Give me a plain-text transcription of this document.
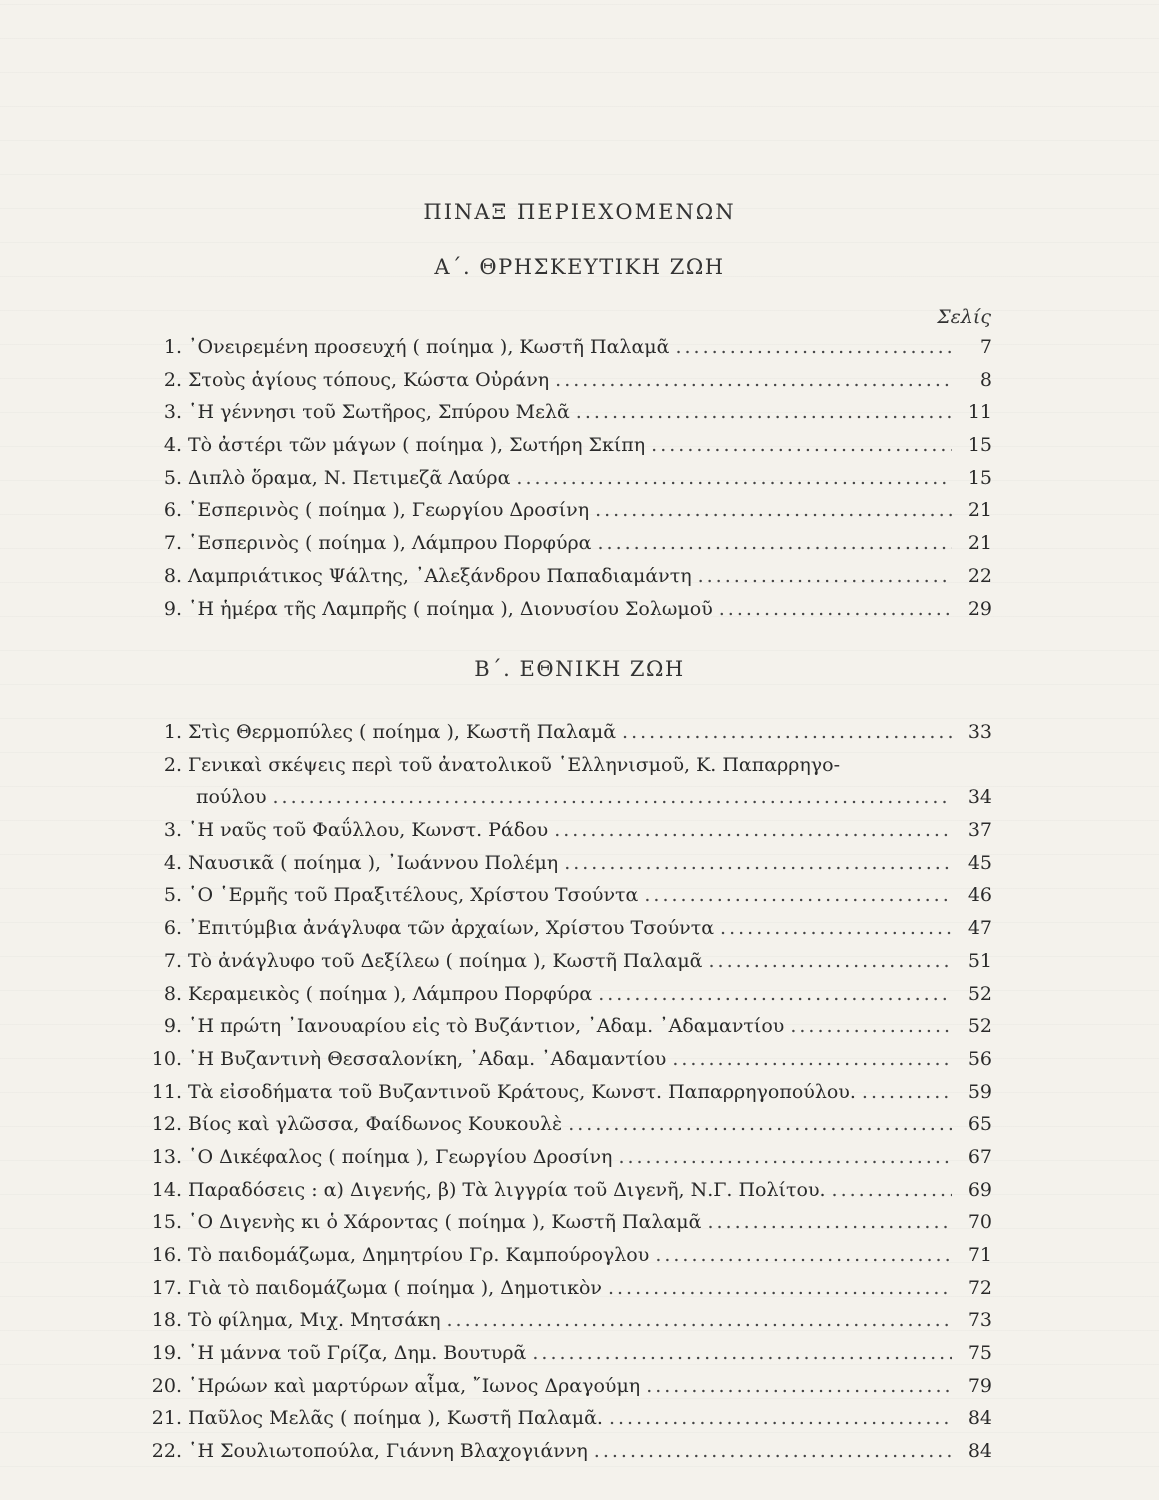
ΠΙΝΑΞ ΠΕΡΙΕΧΟΜΕΝΩΝ
Α΄. ΘΡΗΣΚΕΥΤΙΚΗ ΖΩΗ
Σελίς
1. ᾿Ονειρεμένη προσευχή ( ποίημα ), Κωστῆ Παλαμᾶ .....	7
2. Στοὺς ἁγίους τόπους, Κώστα Οὐράνη .....	8
3. ῾Η γέννησι τοῦ Σωτῆρος, Σπύρου Μελᾶ .....	11
4. Τὸ ἀστέρι τῶν μάγων ( ποίημα ), Σωτήρη Σκίπη .....	15
5. Διπλὸ ὅραμα, Ν. Πετιμεζᾶ Λαύρα .....	15
6. ῾Εσπερινὸς ( ποίημα ), Γεωργίου Δροσίνη .....	21
7. ῾Εσπερινὸς ( ποίημα ), Λάμπρου Πορφύρα .....	21
8. Λαμπριάτικος Ψάλτης, ᾿Αλεξάνδρου Παπαδιαμάντη .....	22
9. ῾Η ἡμέρα τῆς Λαμπρῆς ( ποίημα ), Διονυσίου Σολωμοῦ .....	29
Β΄. ΕΘΝΙΚΗ ΖΩΗ
1. Στὶς Θερμοπύλες ( ποίημα ), Κωστῆ Παλαμᾶ .....	33
2. Γενικαὶ σκέψεις περὶ τοῦ ἀνατολικοῦ ῾Ελληνισμοῦ, Κ. Παπαρρηγο-
πούλου .....	34
3. ῾Η ναῦς τοῦ Φαΰλλου, Κωνστ. Ράδου .....	37
4. Ναυσικᾶ ( ποίημα ), ᾿Ιωάννου Πολέμη .....	45
5. ῾Ο ῾Ερμῆς τοῦ Πραξιτέλους, Χρίστου Τσούντα .....	46
6. ᾿Επιτύμβια ἀνάγλυφα τῶν ἀρχαίων, Χρίστου Τσούντα .....	47
7. Τὸ ἀνάγλυφο τοῦ Δεξίλεω ( ποίημα ), Κωστῆ Παλαμᾶ .....	51
8. Κεραμεικὸς ( ποίημα ), Λάμπρου Πορφύρα .....	52
9. ῾Η πρώτη ᾿Ιανουαρίου εἰς τὸ Βυζάντιον, ᾿Αδαμ. ᾿Αδαμαντίου .....	52
10. ῾Η Βυζαντινὴ Θεσσαλονίκη, ᾿Αδαμ. ᾿Αδαμαντίου .....	56
11. Τὰ εἰσοδήματα τοῦ Βυζαντινοῦ Κράτους, Κωνστ. Παπαρρηγοπούλου. .....	59
12. Βίος καὶ γλῶσσα, Φαίδωνος Κουκουλὲ .....	65
13. ῾Ο Δικέφαλος ( ποίημα ), Γεωργίου Δροσίνη .....	67
14. Παραδόσεις : α) Διγενής, β) Τὰ λιγγρία τοῦ Διγενῆ, Ν.Γ. Πολίτου. .....	69
15. ῾Ο Διγενὴς κι ὁ Χάροντας ( ποίημα ), Κωστῆ Παλαμᾶ .....	70
16. Τὸ παιδομάζωμα, Δημητρίου Γρ. Καμπούρογλου .....	71
17. Γιὰ τὸ παιδομάζωμα ( ποίημα ), Δημοτικὸν .....	72
18. Τὸ φίλημα, Μιχ. Μητσάκη .....	73
19. ῾Η μάννα τοῦ Γρίζα, Δημ. Βουτυρᾶ .....	75
20. ῾Ηρώων καὶ μαρτύρων αἷμα, ῎Ιωνος Δραγούμη .....	79
21. Παῦλος Μελᾶς ( ποίημα ), Κωστῆ Παλαμᾶ. .....	84
22. ῾Η Σουλιωτοπούλα, Γιάννη Βλαχογιάννη .....	84
